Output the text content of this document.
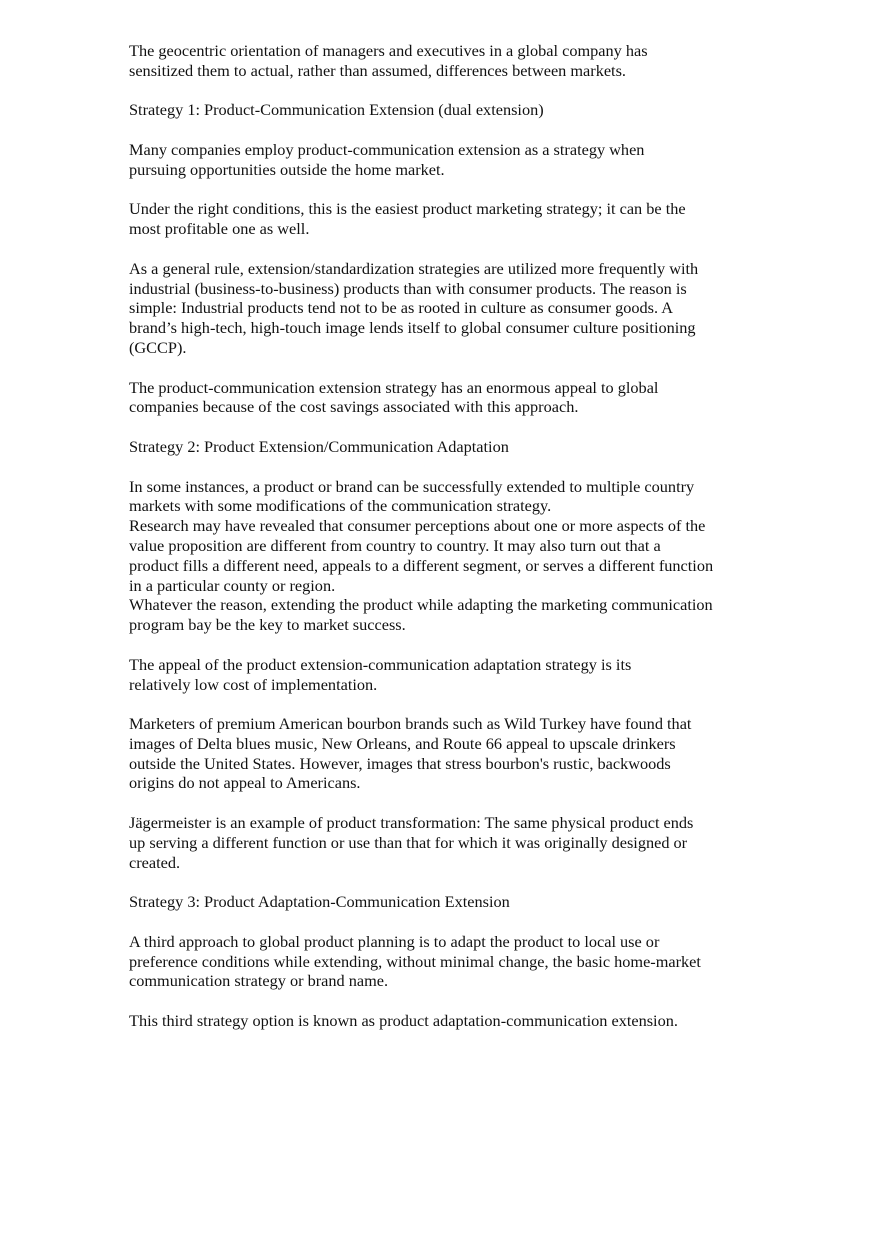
The geocentric orientation of managers and executives in a global company has
sensitized them to actual, rather than assumed, differences between markets.

Strategy 1: Product-Communication Extension (dual extension)

Many companies employ product-communication extension as a strategy when
pursuing opportunities outside the home market.

Under the right conditions, this is the easiest product marketing strategy; it can be the
most profitable one as well.

As a general rule, extension/standardization strategies are utilized more frequently with
industrial (business-to-business) products than with consumer products. The reason is
simple: Industrial products tend not to be as rooted in culture as consumer goods. A
brand’s high-tech, high-touch image lends itself to global consumer culture positioning
(GCCP).

The product-communication extension strategy has an enormous appeal to global
companies because of the cost savings associated with this approach.

Strategy 2: Product Extension/Communication Adaptation

In some instances, a product or brand can be successfully extended to multiple country
markets with some modifications of the communication strategy.

Research may have revealed that consumer perceptions about one or more aspects of the
value proposition are different from country to country. It may also turn out that a
product fills a different need, appeals to a different segment, or serves a different function
in a particular county or region.

Whatever the reason, extending the product while adapting the marketing communication
program bay be the key to market success.

The appeal of the product extension-communication adaptation strategy is its
relatively low cost of implementation.

Marketers of premium American bourbon brands such as Wild Turkey have found that
images of Delta blues music, New Orleans, and Route 66 appeal to upscale drinkers
outside the United States. However, images that stress bourbon's rustic, backwoods
origins do not appeal to Americans.

Jägermeister is an example of product transformation: The same physical product ends
up serving a different function or use than that for which it was originally designed or
created.

Strategy 3: Product Adaptation-Communication Extension

A third approach to global product planning is to adapt the product to local use or
preference conditions while extending, without minimal change, the basic home-market
communication strategy or brand name.

This third strategy option is known as product adaptation-communication extension.
